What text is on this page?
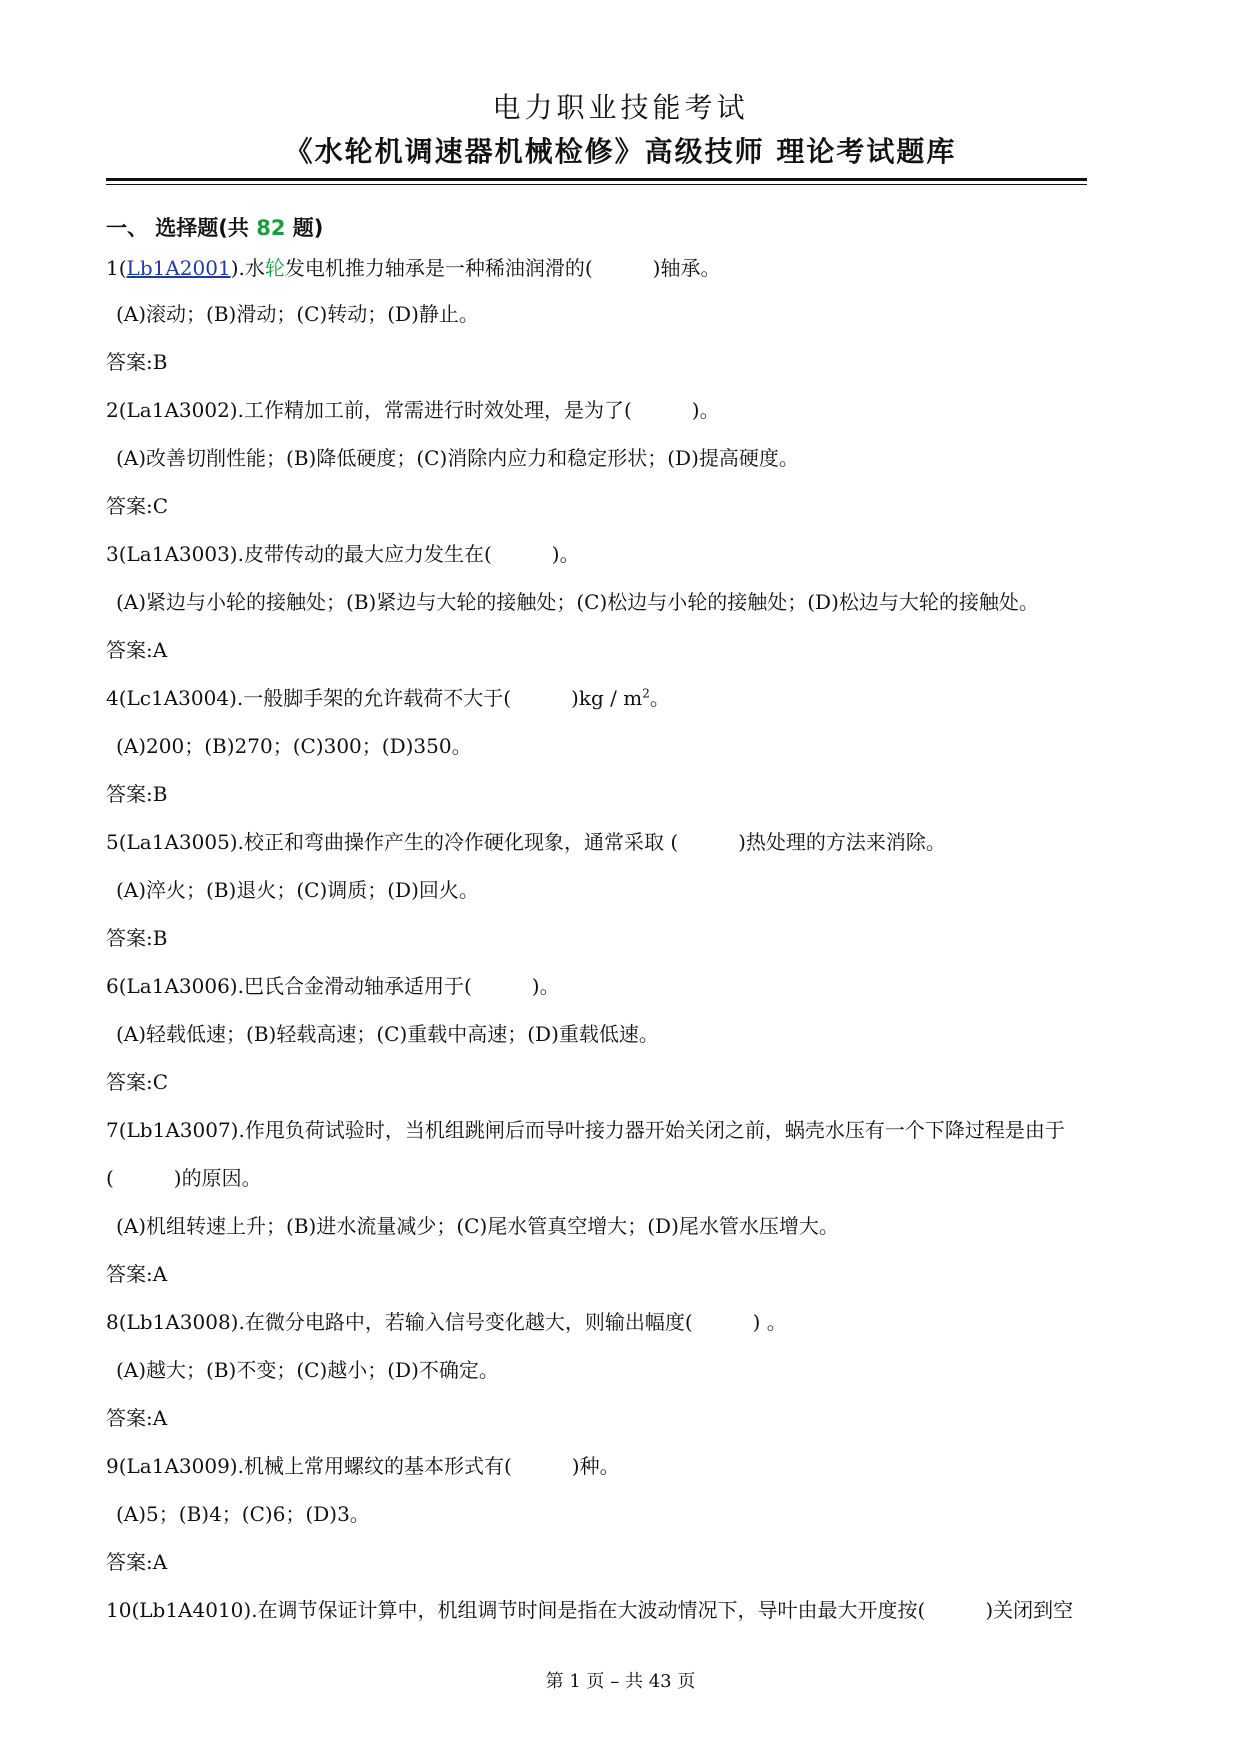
电力职业技能考试
《水轮机调速器机械检修》高级技师 理论考试题库
一、 选择题(共 82 题)
1(Lb1A2001).水轮发电机推力轴承是一种稀油润滑的(　　　)轴承。
(A)滚动；(B)滑动；(C)转动；(D)静止。
答案:B
2(La1A3002).工作精加工前，常需进行时效处理，是为了(　　　)。
(A)改善切削性能；(B)降低硬度；(C)消除内应力和稳定形状；(D)提高硬度。
答案:C
3(La1A3003).皮带传动的最大应力发生在(　　　)。
(A)紧边与小轮的接触处；(B)紧边与大轮的接触处；(C)松边与小轮的接触处；(D)松边与大轮的接触处。
答案:A
4(Lc1A3004).一般脚手架的允许载荷不大于(　　　)$kg / m^2$。
(A)200；(B)270；(C)300；(D)350。
答案:B
5(La1A3005).校正和弯曲操作产生的冷作硬化现象，通常采取 (　　　)热处理的方法来消除。
(A)淬火；(B)退火；(C)调质；(D)回火。
答案:B
6(La1A3006).巴氏合金滑动轴承适用于(　　　)。
(A)轻载低速；(B)轻载高速；(C)重载中高速；(D)重载低速。
答案:C
7(Lb1A3007).作甩负荷试验时，当机组跳闸后而导叶接力器开始关闭之前，蜗壳水压有一个下降过程是由于
(　　　)的原因。
(A)机组转速上升；(B)进水流量减少；(C)尾水管真空增大；(D)尾水管水压增大。
答案:A
8(Lb1A3008).在微分电路中，若输入信号变化越大，则输出幅度(　　　) 。
(A)越大；(B)不变；(C)越小；(D)不确定。
答案:A
9(La1A3009).机械上常用螺纹的基本形式有(　　　)种。
(A)5；(B)4；(C)6；(D)3。
答案:A
10(Lb1A4010).在调节保证计算中，机组调节时间是指在大波动情况下，导叶由最大开度按(　　　)关闭到空
第 1 页 – 共 43 页
